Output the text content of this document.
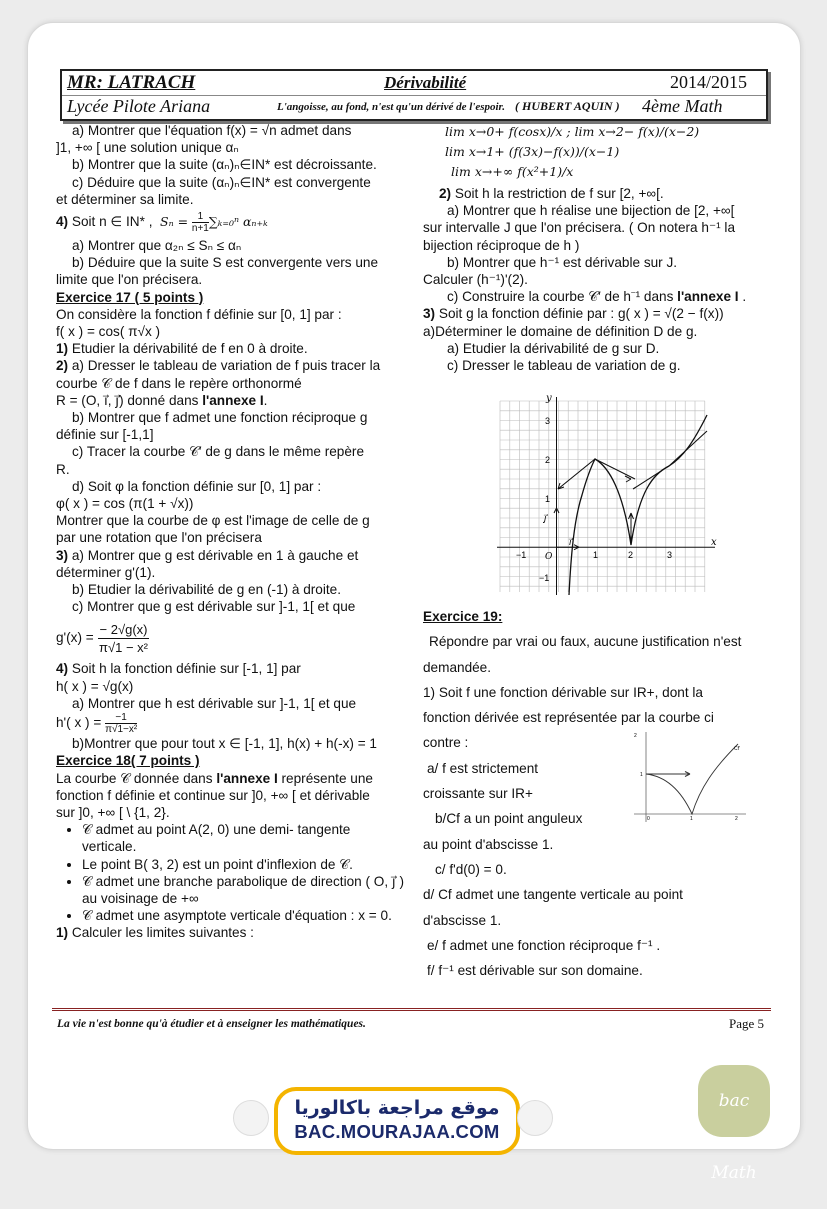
MR: LATRACH	Dérivabilité	2014/2015
Lycée Pilote Ariana	L'angoisse, au fond, n'est qu'un dérivé de l'espoir. ( HUBERT AQUIN ) 4ème Math

a) Montrer que l'équation f(x) = √n admet dans

]1, +∞ [ une solution unique αₙ

b) Montrer que la suite (αₙ)ₙ∈IN* est décroissante.

c) Déduire que la suite (αₙ)ₙ∈IN* est convergente

et déterminer sa limite.

4) Soit n ∈ IN* , $S_n = \frac{1}{n+1} \sum_{k=0}^n$ αₙ₊ₖ

a) Montrer que α₂ₙ ≤ Sₙ ≤ αₙ

b) Déduire que la suite S est convergente vers une

limite que l'on précisera.

Exercice 17 ( 5 points )

On considère la fonction f définie sur [0, 1] par :

f( x ) = cos( π√x )

1) Etudier la dérivabilité de f en 0 à droite.

2) a) Dresser le tableau de variation de f puis tracer la

courbe 𝒞 de f dans le repère orthonormé

R = (O, i⃗, j⃗) donné dans l'annexe I.

b) Montrer que f admet une fonction réciproque g

définie sur [-1,1]

c) Tracer la courbe 𝒞′ de g dans le même repère

R.

d) Soit φ la fonction définie sur [0, 1] par :

φ( x ) = cos (π(1 + √x))

Montrer que la courbe de φ est l'image de celle de g

par une rotation que l'on précisera

3) a) Montrer que g est dérivable en 1 à gauche et

déterminer g'(1).

b) Etudier la dérivabilité de g en (-1) à droite.

c) Montrer que g est dérivable sur ]-1, 1[ et que

$g'(x) = \frac{- 2√g(x)}{\text{π√1 − x²}}$

4) Soit h la fonction définie sur [-1, 1] par

h( x ) = √g(x)

a) Montrer que h est dérivable sur ]-1, 1[ et que

h'( x ) = $\frac{-1}{\text{π√1−x²}}$

b)Montrer que pour tout x ∈ [-1, 1], h(x) + h(-x) = 1

Exercice 18( 7 points )

La courbe 𝒞 donnée dans l'annexe I représente une

fonction f définie et continue sur ]0, +∞ [ et dérivable

sur ]0, +∞ [ \ {1, 2}.

• 𝒞 admet au point A(2, 0) une demi- tangente verticale.
• Le point B( 3, 2) est un point d'inflexion de 𝒞.
• 𝒞 admet une branche parabolique de direction ( O, j⃗ ) au voisinage de +∞
• 𝒞 admet une asymptote verticale d'équation : x = 0.

1) Calculer les limites suivantes :

lim x→0+ f(cosx)/x ; lim x→2− f(x)/(x−2)

lim x→1+ (f(3x)−f(x))/(x−1)

lim x→+∞ f(x²+1)/x

2) Soit h la restriction de f sur [2, +∞[.

a) Montrer que h réalise une bijection de [2, +∞[

sur intervalle J que l'on précisera. ( On notera h⁻¹ la

bijection réciproque de h )

b) Montrer que h⁻¹ est dérivable sur J.

Calculer (h⁻¹)'(2).

c) Construire la courbe 𝒞′ de h⁻¹ dans l'annexe I .

3) Soit g la fonction définie par : g( x ) = √(2 − f(x))

a)Déterminer le domaine de définition D de g.

a) Etudier la dérivabilité de g sur D.

c) Dresser le tableau de variation de g.

y
x
O
i⃗
j⃗
−1	1	2	3
3
2
1
−1

Exercice 19:

Répondre par vrai ou faux, aucune justification n'est

demandée.

1) Soit f une fonction dérivable sur IR+, dont la

fonction dérivée est représentée par la courbe ci

contre :

a/ f est strictement

croissante sur IR+

b/Cf a un point anguleux

au point d'abscisse 1.

c/ f'd(0) = 0.

d/ Cf admet une tangente verticale au point

d'abscisse 1.

e/ f admet une fonction réciproque f⁻¹ .

f/ f⁻¹ est dérivable sur son domaine.

2
1
0	1	2
Cf'
La vie n'est bonne qu'à étudier et à enseigner les mathématiques.	Page 5
موقع مراجعة باكالوريا
BAC.MOURAJAA.COM
bac Math
